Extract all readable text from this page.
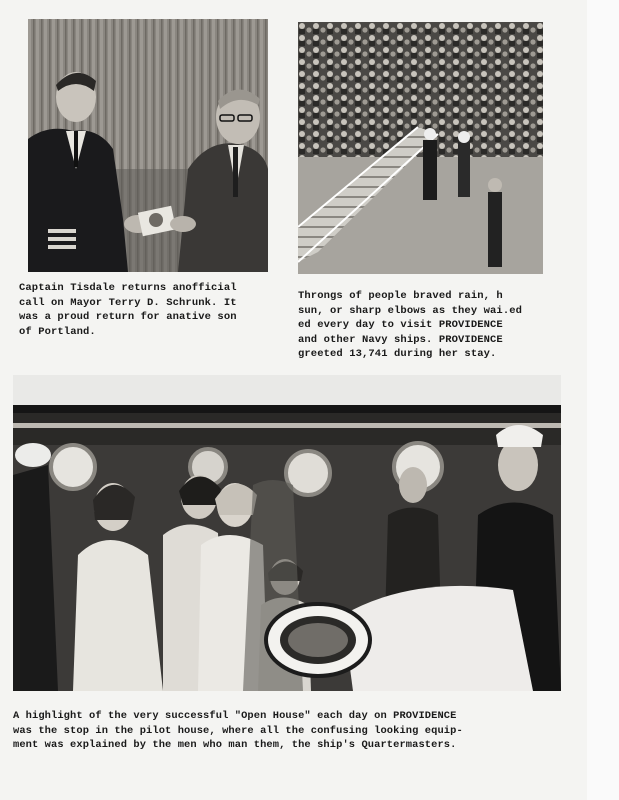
Captain Tisdale returns anofficial
call on Mayor Terry D. Schrunk. It
was a proud return for anative son
of Portland.
Throngs of people braved rain, h
sun, or sharp elbows as they wai.ed
ed every day to visit PROVIDENCE
and other Navy ships. PROVIDENCE
greeted 13,741 during her stay.
A highlight of the very successful "Open House" each day on PROVIDENCE
was the stop in the pilot house, where all the confusing looking equip-
ment was explained by the men who man them, the ship's Quartermasters.
